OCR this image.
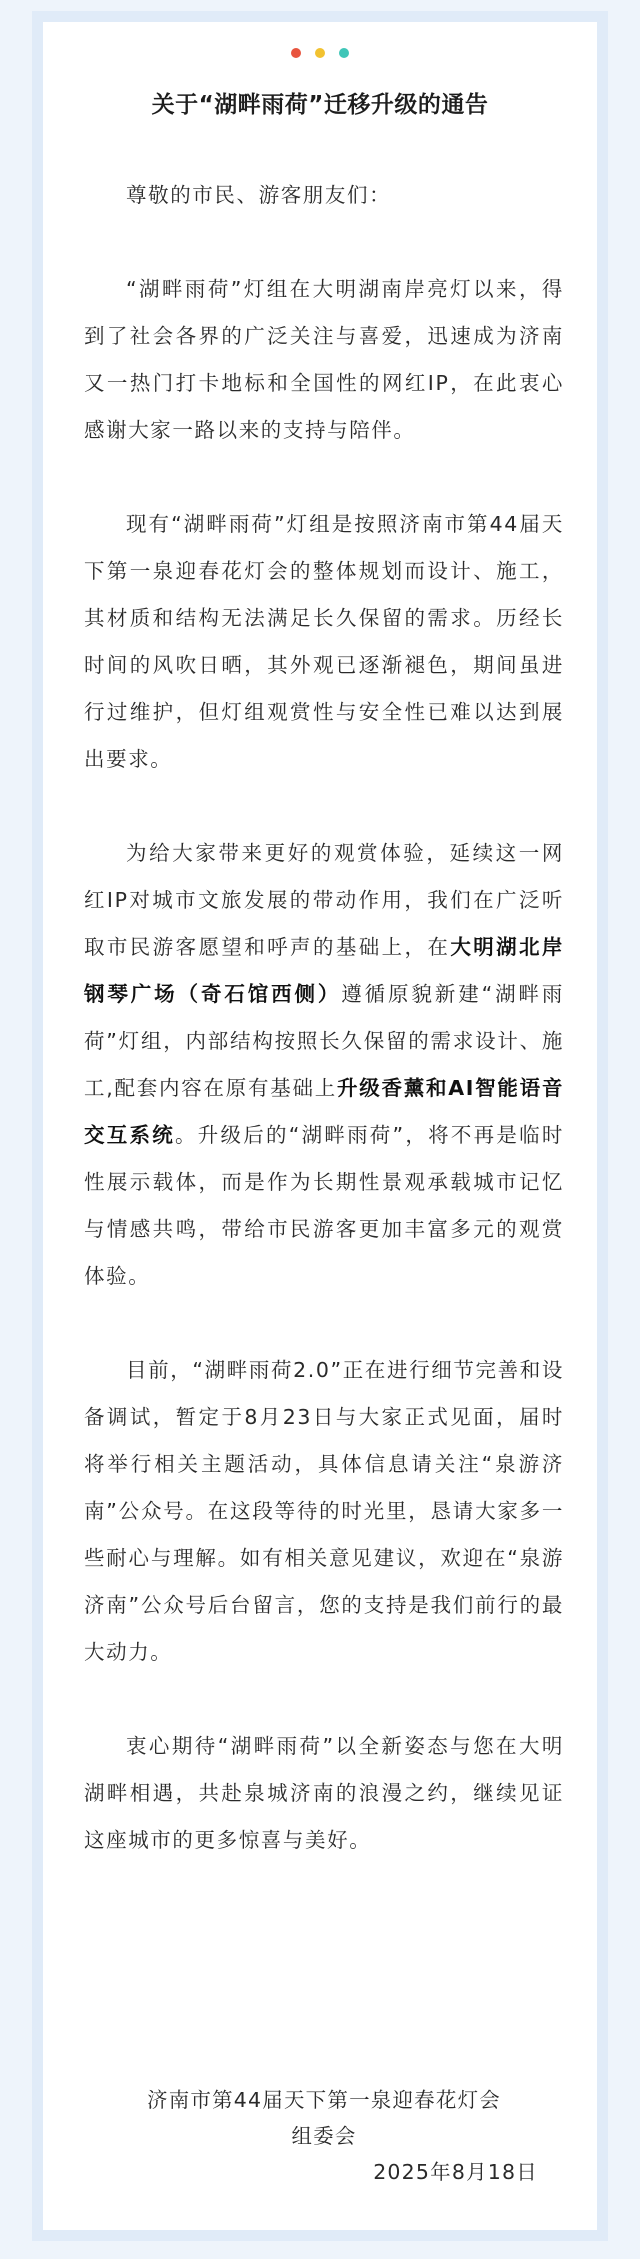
关于“湖畔雨荷”迁移升级的通告

尊敬的市民、游客朋友们：

“湖畔雨荷”灯组在大明湖南岸亮灯以来，得到了社会各界的广泛关注与喜爱，迅速成为济南又一热门打卡地标和全国性的网红IP，在此衷心感谢大家一路以来的支持与陪伴。

现有“湖畔雨荷”灯组是按照济南市第44届天下第一泉迎春花灯会的整体规划而设计、施工，其材质和结构无法满足长久保留的需求。历经长时间的风吹日晒，其外观已逐渐褪色，期间虽进行过维护，但灯组观赏性与安全性已难以达到展出要求。

为给大家带来更好的观赏体验，延续这一网红IP对城市文旅发展的带动作用，我们在广泛听取市民游客愿望和呼声的基础上，在大明湖北岸钢琴广场（奇石馆西侧）遵循原貌新建“湖畔雨荷”灯组，内部结构按照长久保留的需求设计、施工,配套内容在原有基础上升级香薰和AI智能语音交互系统。升级后的“湖畔雨荷”，将不再是临时性展示载体，而是作为长期性景观承载城市记忆与情感共鸣，带给市民游客更加丰富多元的观赏体验。

目前，“湖畔雨荷2.0”正在进行细节完善和设备调试，暂定于8月23日与大家正式见面，届时将举行相关主题活动，具体信息请关注“泉游济南”公众号。在这段等待的时光里，恳请大家多一些耐心与理解。如有相关意见建议，欢迎在“泉游济南”公众号后台留言，您的支持是我们前行的最大动力。

衷心期待“湖畔雨荷”以全新姿态与您在大明湖畔相遇，共赴泉城济南的浪漫之约，继续见证这座城市的更多惊喜与美好。

济南市第44届天下第一泉迎春花灯会
组委会
2025年8月18日
